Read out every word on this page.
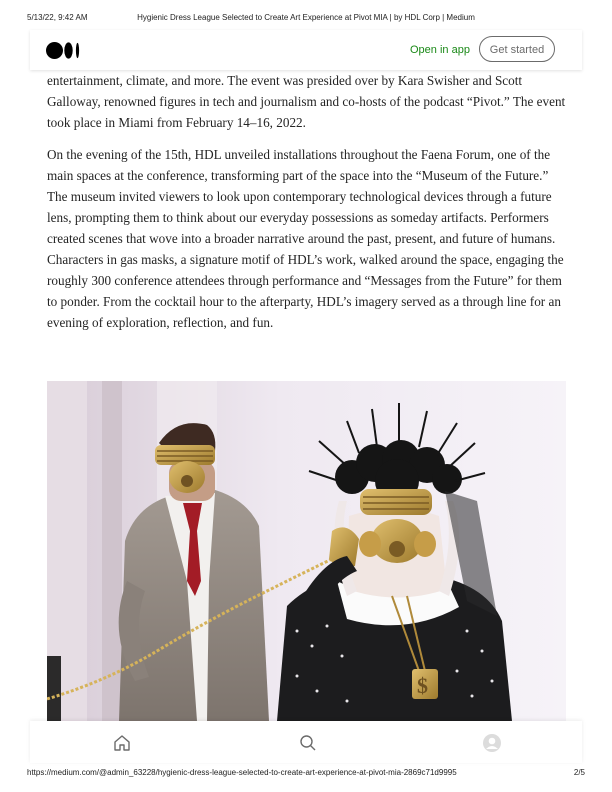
5/13/22, 9:42 AM	Hygienic Dress League Selected to Create Art Experience at Pivot MIA | by HDL Corp | Medium
Open in app	Get started

entertainment, climate, and more. The event was presided over by Kara Swisher and Scott Galloway, renowned figures in tech and journalism and co-hosts of the podcast “Pivot.” The event took place in Miami from February 14–16, 2022.

On the evening of the 15th, HDL unveiled installations throughout the Faena Forum, one of the main spaces at the conference, transforming part of the space into the “Museum of the Future.” The museum invited viewers to look upon contemporary technological devices through a future lens, prompting them to think about our everyday possessions as someday artifacts. Performers created scenes that wove into a broader narrative around the past, present, and future of humans. Characters in gas masks, a signature motif of HDL’s work, walked around the space, engaging the roughly 300 conference attendees through performance and “Messages from the Future” for them to ponder. From the cocktail hour to the afterparty, HDL’s imagery served as a through line for an evening of exploration, reflection, and fun.

$
https://medium.com/@admin_63228/hygienic-dress-league-selected-to-create-art-experience-at-pivot-mia-2869c71d9995	2/5
